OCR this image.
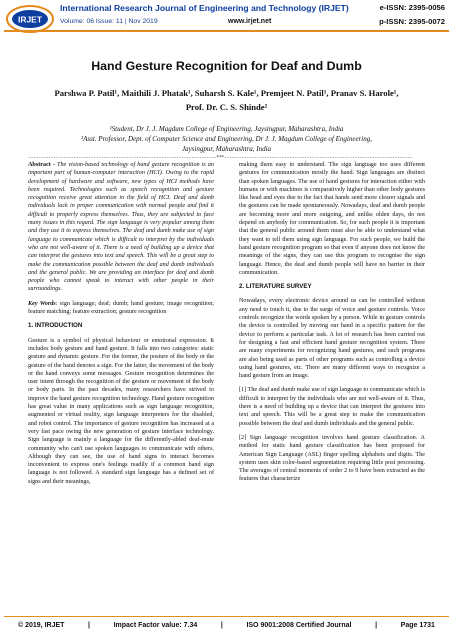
IRJET
International Research Journal of Engineering and Technology (IRJET)
Volume: 06 Issue: 11 | Nov 2019	www.irjet.net
e-ISSN: 2395-0056
p-ISSN: 2395-0072
Hand Gesture Recognition for Deaf and Dumb
Parshwa P. Patil¹, Maithili J. Phatak¹, Suharsh S. Kale¹, Premjeet N. Patil¹, Pranav S. Harole¹,
Prof. Dr. C. S. Shinde²
¹Student, Dr J. J. Magdum College of Engineering, Jaysingpur, Maharashtra, India
²Asst. Professor, Dept. of Computer Science and Engineering, Dr J. J. Magdum College of Engineering,
Jaysingpur, Maharashtra, India
---------------------------------------------------------------------------***---------------------------------------------------------------------------

Abstract - The vision-based technology of hand gesture recognition is an important part of human-computer interaction (HCI). Owing to the rapid development of hardware and software, new types of HCI methods have been required. Technologies such as speech recognition and gesture recognition receive great attention in the field of HCI. Deaf and dumb individuals lack in proper communication with normal people and find it difficult to properly express themselves. Thus, they are subjected to face many issues in this regard. The sign language is very popular among them and they use it to express themselves. The deaf and dumb make use of sign language to communicate which is difficult to interpret by the individuals who are not well-aware of it. There is a need of building up a device that can interpret the gestures into text and speech. This will be a great step to make the communication possible between the deaf and dumb individuals and the general public. We are providing an interface for deaf and dumb people who cannot speak to interact with other people in their surroundings.

Key Words: sign language; deaf; dumb; hand gesture; image recognition; feature matching; feature extraction; gesture recognition

1. INTRODUCTION

Gesture is a symbol of physical behaviour or emotional expression. It includes body gesture and hand gesture. It falls into two categories: static gesture and dynamic gesture. For the former, the posture of the body or the gesture of the hand denotes a sign. For the latter, the movement of the body or the hand conveys some messages. Gesture recognition determines the user intent through the recognition of the gesture or movement of the body or body parts. In the past decades, many researchers have strived to improve the hand gesture recognition technology. Hand gesture recognition has great value in many applications such as sign language recognition, augmented or virtual reality, sign language interpreters for the disabled, and robot control. The importance of gesture recognition has increased at a very fast pace owing the new generation of gesture interface technology. Sign language is mainly a language for the differently-abled deaf-mute community who can't use spoken languages to communicate with others. Although they can see, the use of hand signs to interact becomes inconvenient to express one's feelings readily if a common hand sign language is not followed. A standard sign language has a defined set of signs and their meanings,

making them easy to understand. The sign language too uses different gestures for communication mostly the hand. Sign languages are distinct than spoken languages. The use of hand gestures for interaction either with humans or with machines is comparatively higher than other body gestures like head and eyes due to the fact that hands send more clearer signals and the gestures can be made spontaneously. Nowadays, deaf and dumb people are becoming more and more outgoing, and unlike olden days, do not depend on anybody for communication. So, for such people it is important that the general public around them must also be able to understand what they want to tell them using sign language. For such people, we build the hand gesture recognition program so that even if anyone does not know the meanings of the signs, they can use this program to recognise the sign language. Hence, the deaf and dumb people will have no barrier in their communication.

2. LITERATURE SURVEY

Nowadays, every electronic device around us can be controlled without any need to touch it, due to the surge of voice and gesture controls. Voice controls recognize the words spoken by a person. While in gesture controls the device is controlled by moving our hand in a specific pattern for the device to perform a particular task. A lot of research has been carried out for designing a fast and efficient hand gesture recognition system. There are many experiments for recognizing hand gestures, and such programs are also being used as parts of other programs such as controlling a device using hand gestures, etc. There are many different ways to recognize a hand gesture from an image.

[1] The deaf and dumb make use of sign language to communicate which is difficult to interpret by the individuals who are not well-aware of it. Thus, there is a need of building up a device that can interpret the gestures into text and speech. This will be a great step to make the communication possible between the deaf and dumb individuals and the general public.

[2] Sign language recognition involves hand gesture classification. A method for static hand gesture classification has been proposed for American Sign Language (ASL) finger spelling alphabets and digits. The system uses skin color-based segmentation requiring little post processing. The averages of central moments of order 2 to 9 have been extracted as the features that characterize

© 2019, IRJET	|	Impact Factor value: 7.34	|	ISO 9001:2008 Certified Journal	|	Page 1731
